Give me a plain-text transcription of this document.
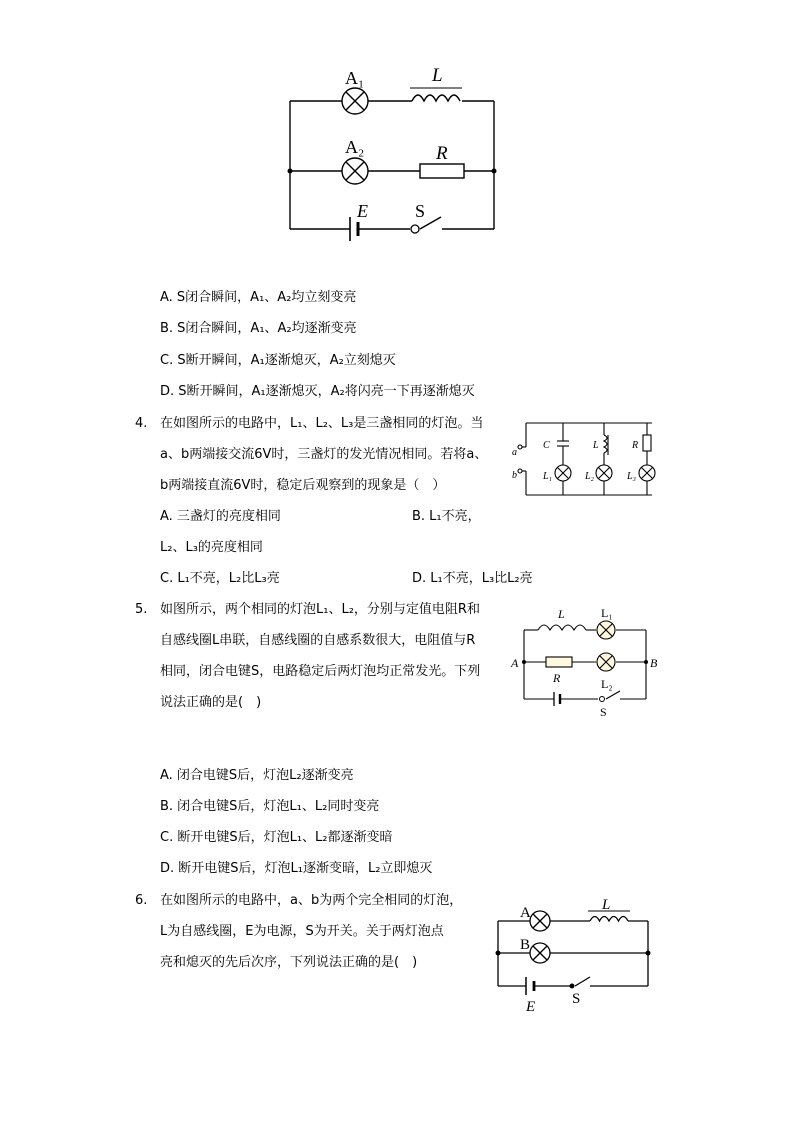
A₁	L
A₂	R
E	S
A. S闭合瞬间，A₁、A₂均立刻变亮
B. S闭合瞬间，A₁、A₂均逐渐变亮
C. S断开瞬间，A₁逐渐熄灭，A₂立刻熄灭
D. S断开瞬间，A₁逐渐熄灭，A₂将闪亮一下再逐渐熄灭
4. 在如图所示的电路中，L₁、L₂、L₃是三盏相同的灯泡。当
a、b两端接交流6V时，三盏灯的发光情况相同。若将a、
b两端接直流6V时，稳定后观察到的现象是（　）
A. 三盏灯的亮度相同	B. L₁不亮，
L₂、L₃的亮度相同
C. L₁不亮，L₂比L₃亮	D. L₁不亮，L₃比L₂亮
a
b
C	L	R
L₁	L₂	L₃
5. 如图所示，两个相同的灯泡L₁、L₂，分别与定值电阻R和
自感线圈L串联，自感线圈的自感系数很大，电阻值与R
相同，闭合电键S，电路稳定后两灯泡均正常发光。下列
说法正确的是(　)
L	L₁
A	B
R	L₂
S
A. 闭合电键S后，灯泡L₂逐渐变亮
B. 闭合电键S后，灯泡L₁、L₂同时变亮
C. 断开电键S后，灯泡L₁、L₂都逐渐变暗
D. 断开电键S后，灯泡L₁逐渐变暗，L₂立即熄灭
6. 在如图所示的电路中，a、b为两个完全相同的灯泡，
L为自感线圈，E为电源，S为开关。关于两灯泡点
亮和熄灭的先后次序，下列说法正确的是(　)
A	L
B
E S
